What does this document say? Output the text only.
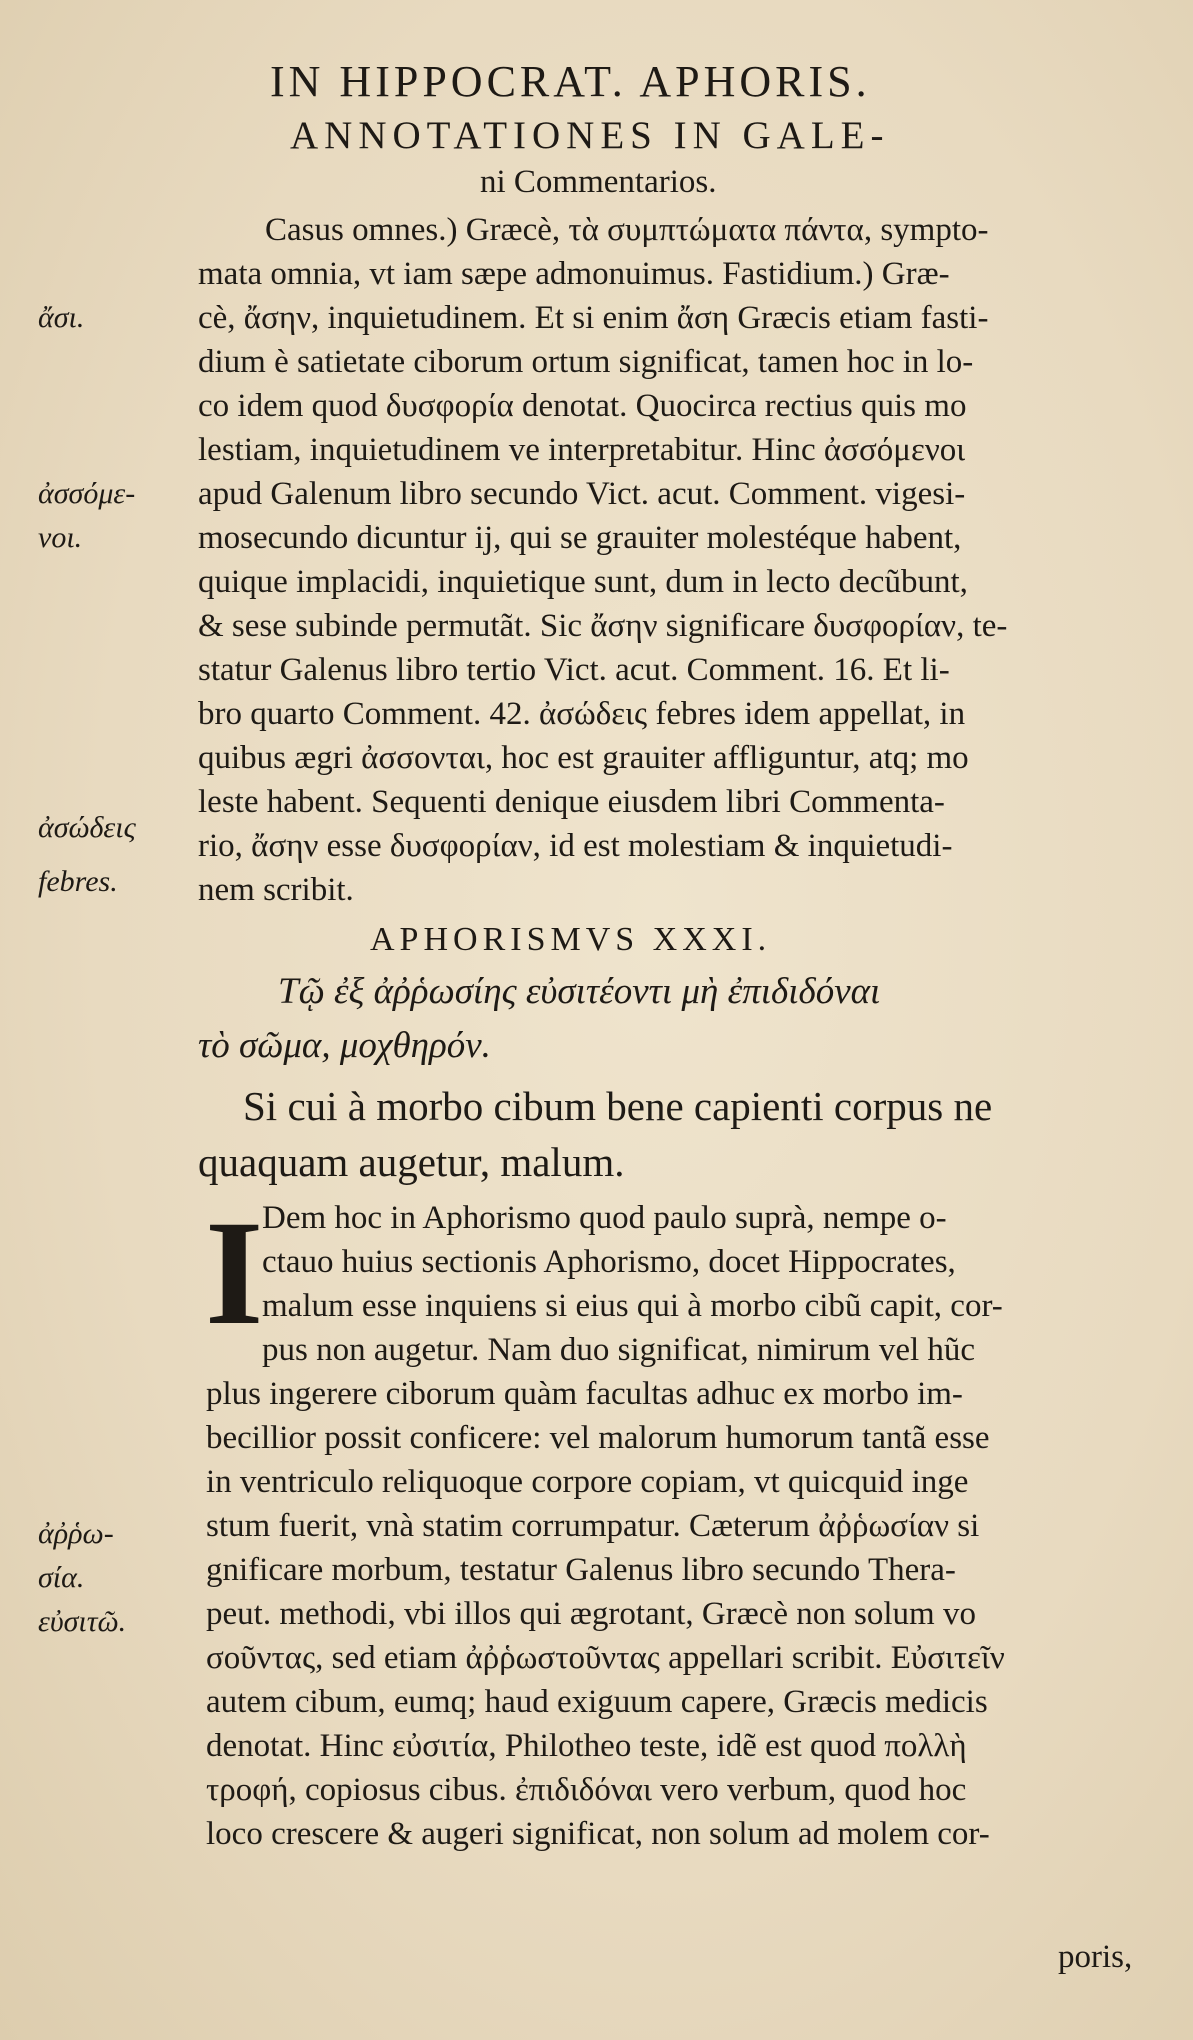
IN HIPPOCRAT. APHORIS.
ANNOTATIONES IN GALE-
ni Commentarios.
Casus omnes.) Græcè, τὰ συμπτώματα πάντα, sympto-
mata omnia, vt iam sæpe admonuimus. Fastidium.) Græ-
cè, ἄσην, inquietudinem. Et si enim ἄση Græcis etiam fasti-
dium è satietate ciborum ortum significat, tamen hoc in lo-
co idem quod δυσφορία denotat. Quocirca rectius quis mo
lestiam, inquietudinem ve interpretabitur. Hinc ἀσσόμενοι
apud Galenum libro secundo Vict. acut. Comment. vigesi-
mosecundo dicuntur ij, qui se grauiter molestéque habent,
quique implacidi, inquietique sunt, dum in lecto decũbunt,
& sese subinde permutãt. Sic ἄσην significare δυσφορίαν, te-
statur Galenus libro tertio Vict. acut. Comment. 16. Et li-
bro quarto Comment. 42. ἀσώδεις febres idem appellat, in
quibus ægri ἀσσονται, hoc est grauiter affliguntur, atq; mo
leste habent. Sequenti denique eiusdem libri Commenta-
rio, ἄσην esse δυσφορίαν, id est molestiam & inquietudi-
nem scribit.
ἄσι.
ἀσσόμε-
νοι.
ἀσώδεις
febres.
APHORISMVS XXXI.
Τῷ ἐξ ἀῤῥωσίης εὐσιτέοντι μὴ ἐπιδιδόναι
τὸ σῶμα, μοχθηρόν.
Si cui à morbo cibum bene capienti corpus ne
quaquam augetur, malum.
I
Dem hoc in Aphorismo quod paulo suprà, nempe o-
ctauo huius sectionis Aphorismo, docet Hippocrates,
malum esse inquiens si eius qui à morbo cibũ capit, cor-
pus non augetur. Nam duo significat, nimirum vel hũc
plus ingerere ciborum quàm facultas adhuc ex morbo im-
becillior possit conficere: vel malorum humorum tantã esse
in ventriculo reliquoque corpore copiam, vt quicquid inge
stum fuerit, vnà statim corrumpatur. Cæterum ἀῤῥωσίαν si
gnificare morbum, testatur Galenus libro secundo Thera-
peut. methodi, vbi illos qui ægrotant, Græcè non solum vo
σοῦντας, sed etiam ἀῤῥωστοῦντας appellari scribit. Εὐσιτεῖν
autem cibum, eumq; haud exiguum capere, Græcis medicis
denotat. Hinc εὐσιτία, Philotheo teste, idẽ est quod πολλὴ
τροφή, copiosus cibus. ἐπιδιδόναι vero verbum, quod hoc
loco crescere & augeri significat, non solum ad molem cor-
ἀῤῥω-
σία.
εὐσιτῶ.
poris,
